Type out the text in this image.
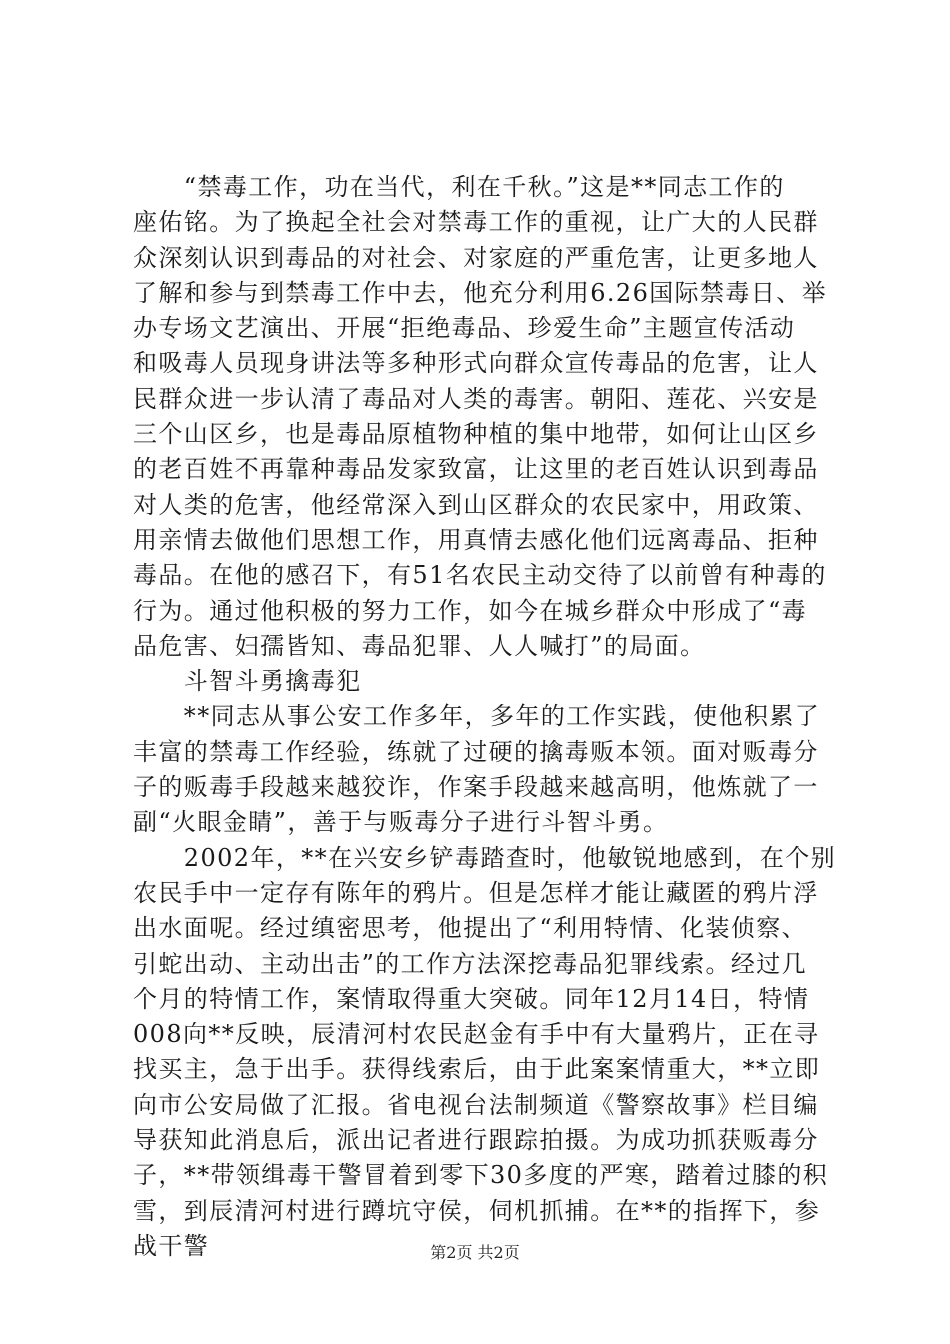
　　“禁毒工作，功在当代，利在千秋。”这是**同志工作的
座佑铭。为了换起全社会对禁毒工作的重视，让广大的人民群
众深刻认识到毒品的对社会、对家庭的严重危害，让更多地人
了解和参与到禁毒工作中去，他充分利用6.26国际禁毒日、举
办专场文艺演出、开展“拒绝毒品、珍爱生命”主题宣传活动
和吸毒人员现身讲法等多种形式向群众宣传毒品的危害，让人
民群众进一步认清了毒品对人类的毒害。朝阳、莲花、兴安是
三个山区乡，也是毒品原植物种植的集中地带，如何让山区乡
的老百姓不再靠种毒品发家致富，让这里的老百姓认识到毒品
对人类的危害，他经常深入到山区群众的农民家中，用政策、
用亲情去做他们思想工作，用真情去感化他们远离毒品、拒种
毒品。在他的感召下，有51名农民主动交待了以前曾有种毒的
行为。通过他积极的努力工作，如今在城乡群众中形成了“毒
品危害、妇孺皆知、毒品犯罪、人人喊打”的局面。
　　斗智斗勇擒毒犯
　　**同志从事公安工作多年，多年的工作实践，使他积累了
丰富的禁毒工作经验，练就了过硬的擒毒贩本领。面对贩毒分
子的贩毒手段越来越狡诈，作案手段越来越高明，他炼就了一
副“火眼金睛”，善于与贩毒分子进行斗智斗勇。
　　2002年，**在兴安乡铲毒踏查时，他敏锐地感到，在个别
农民手中一定存有陈年的鸦片。但是怎样才能让藏匿的鸦片浮
出水面呢。经过缜密思考，他提出了“利用特情、化装侦察、
引蛇出动、主动出击”的工作方法深挖毒品犯罪线索。经过几
个月的特情工作，案情取得重大突破。同年12月14日，特情
008向**反映，辰清河村农民赵金有手中有大量鸦片，正在寻
找买主，急于出手。获得线索后，由于此案案情重大，**立即
向市公安局做了汇报。省电视台法制频道《警察故事》栏目编
导获知此消息后，派出记者进行跟踪拍摄。为成功抓获贩毒分
子，**带领缉毒干警冒着到零下30多度的严寒，踏着过膝的积
雪，到辰清河村进行蹲坑守侯，伺机抓捕。在**的指挥下，参
战干警	第2页 共2页
